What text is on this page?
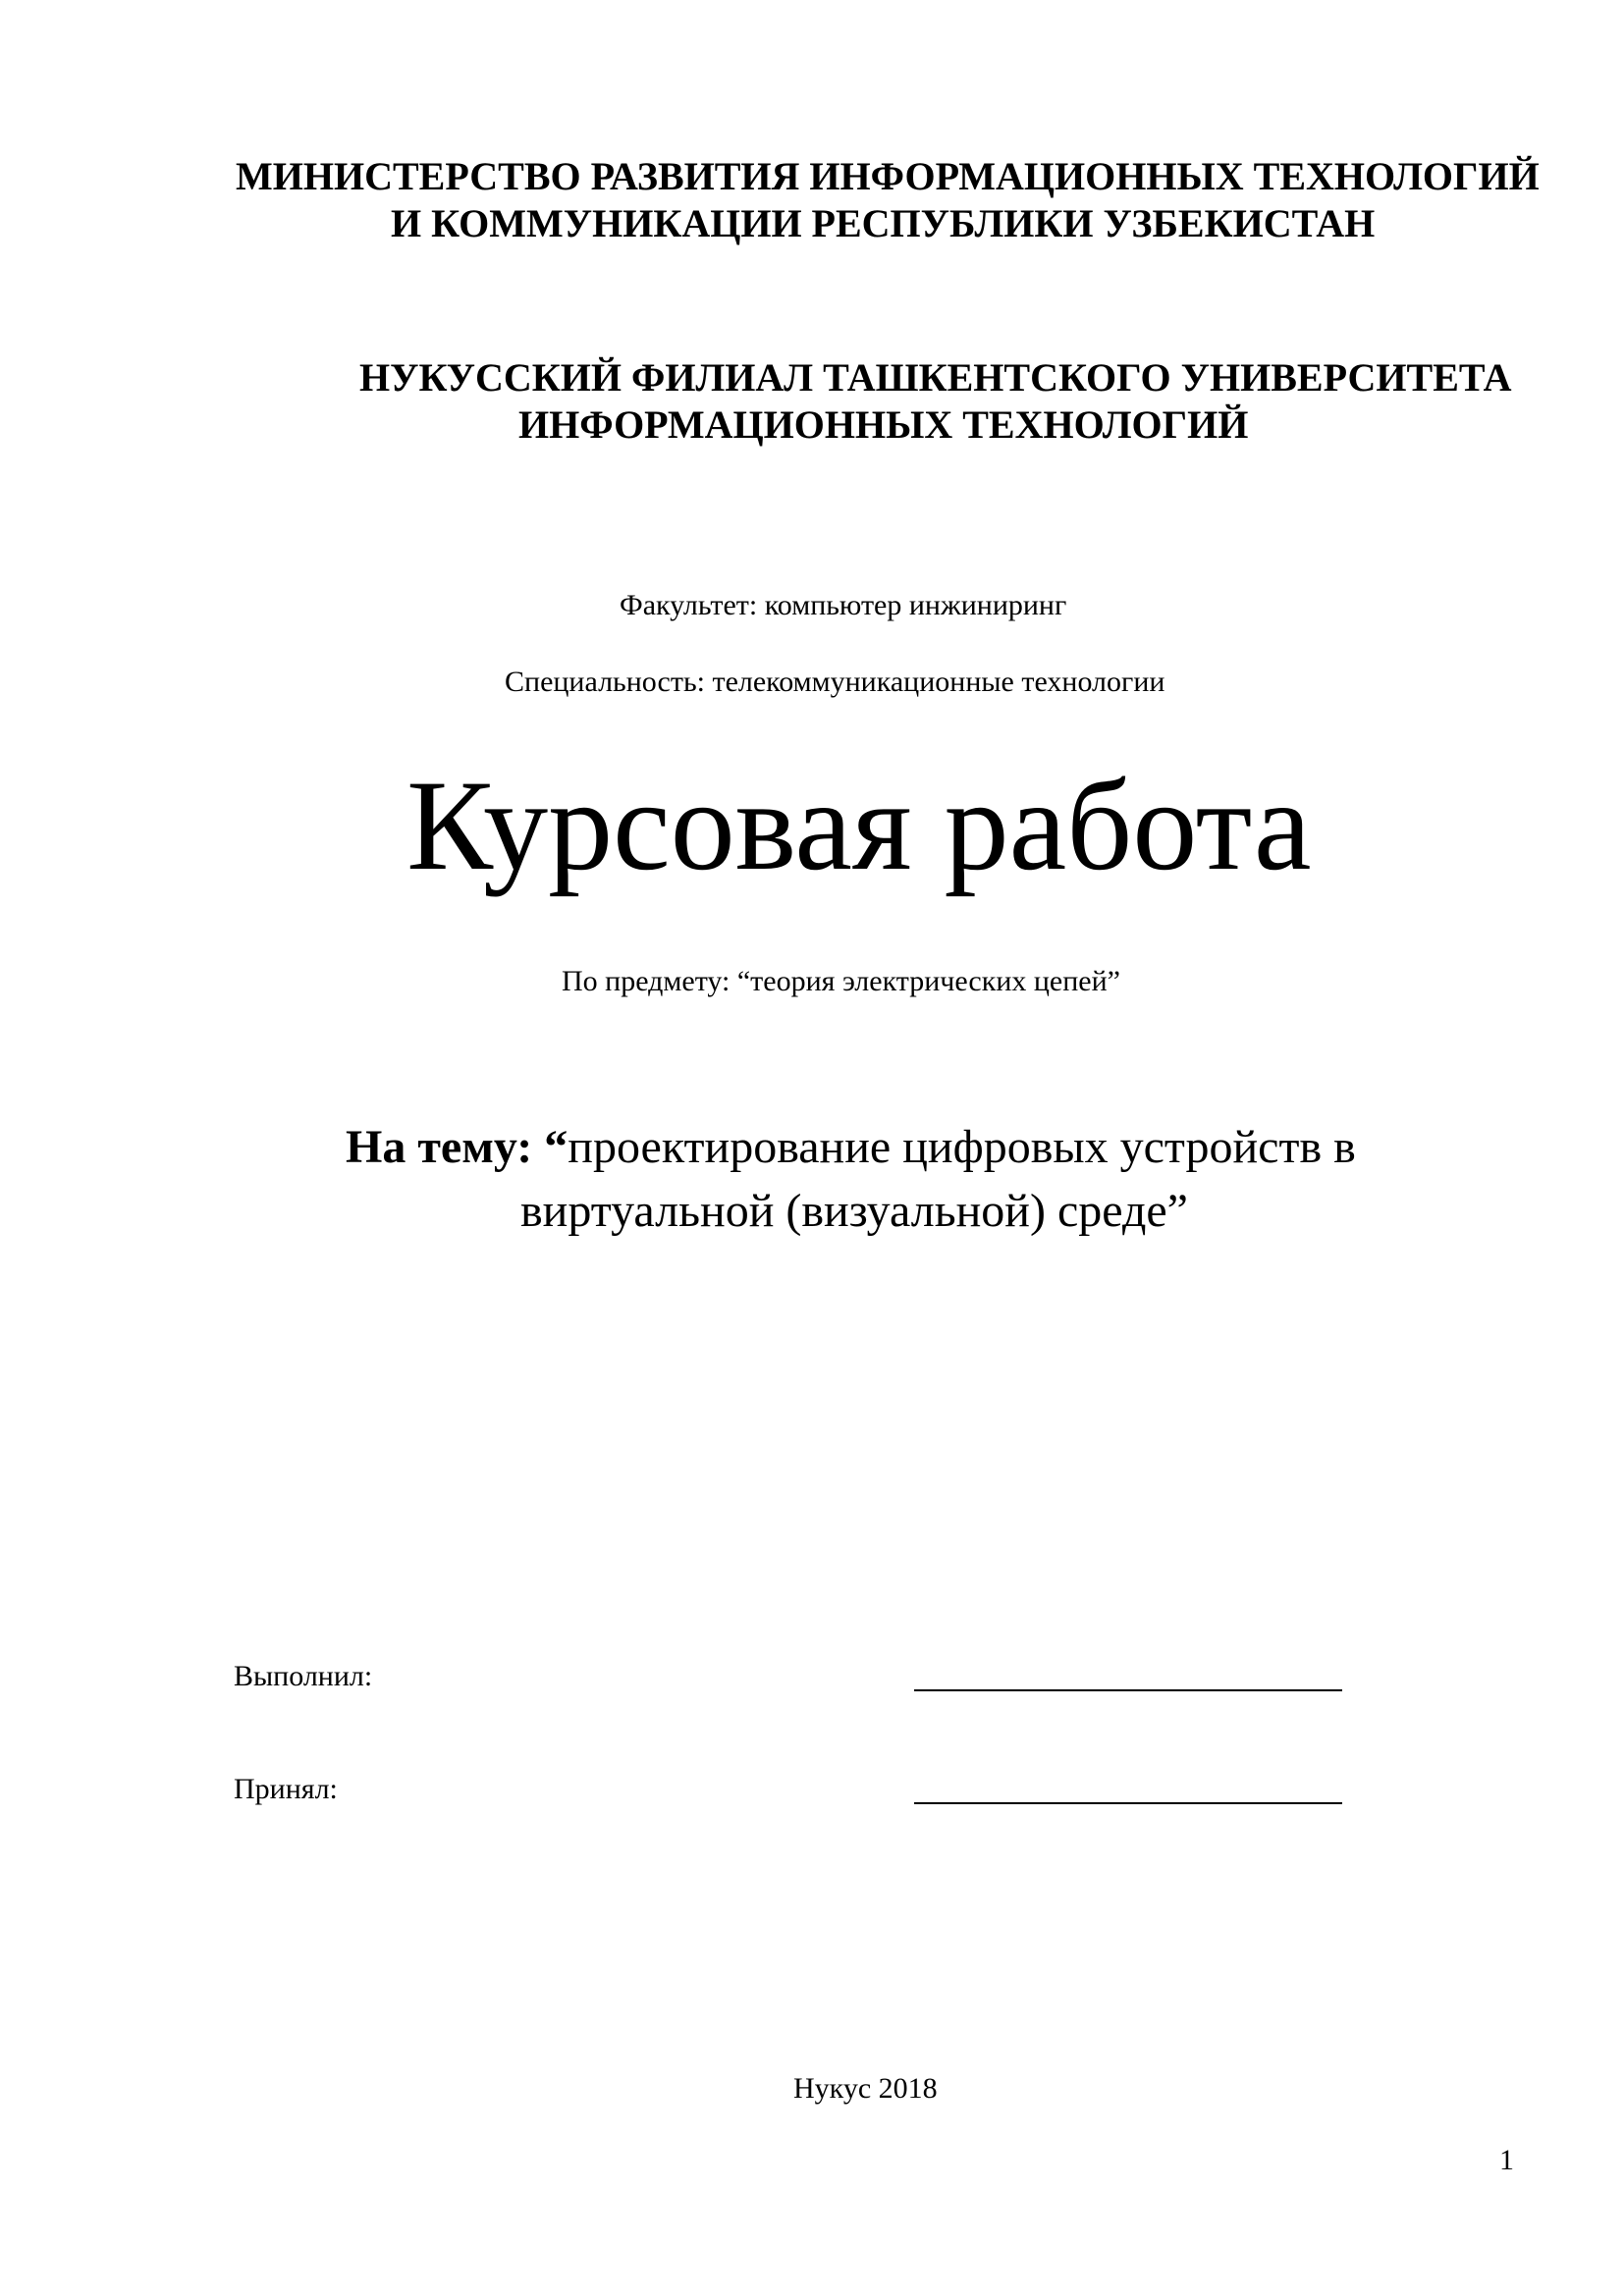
МИНИСТЕРСТВО РАЗВИТИЯ ИНФОРМАЦИОННЫХ ТЕХНОЛОГИЙ
И КОММУНИКАЦИИ РЕСПУБЛИКИ УЗБЕКИСТАН
НУКУССКИЙ ФИЛИАЛ ТАШКЕНТСКОГО УНИВЕРСИТЕТА
ИНФОРМАЦИОННЫХ ТЕХНОЛОГИЙ
Факультет: компьютер инжиниринг
Специальность: телекоммуникационные технологии
Курсовая работа
По предмету: “теория электрических цепей”
На тему: “проектирование цифровых устройств в
виртуальной (визуальной) среде”
Выполнил:
Принял:
Нукус 2018
1
